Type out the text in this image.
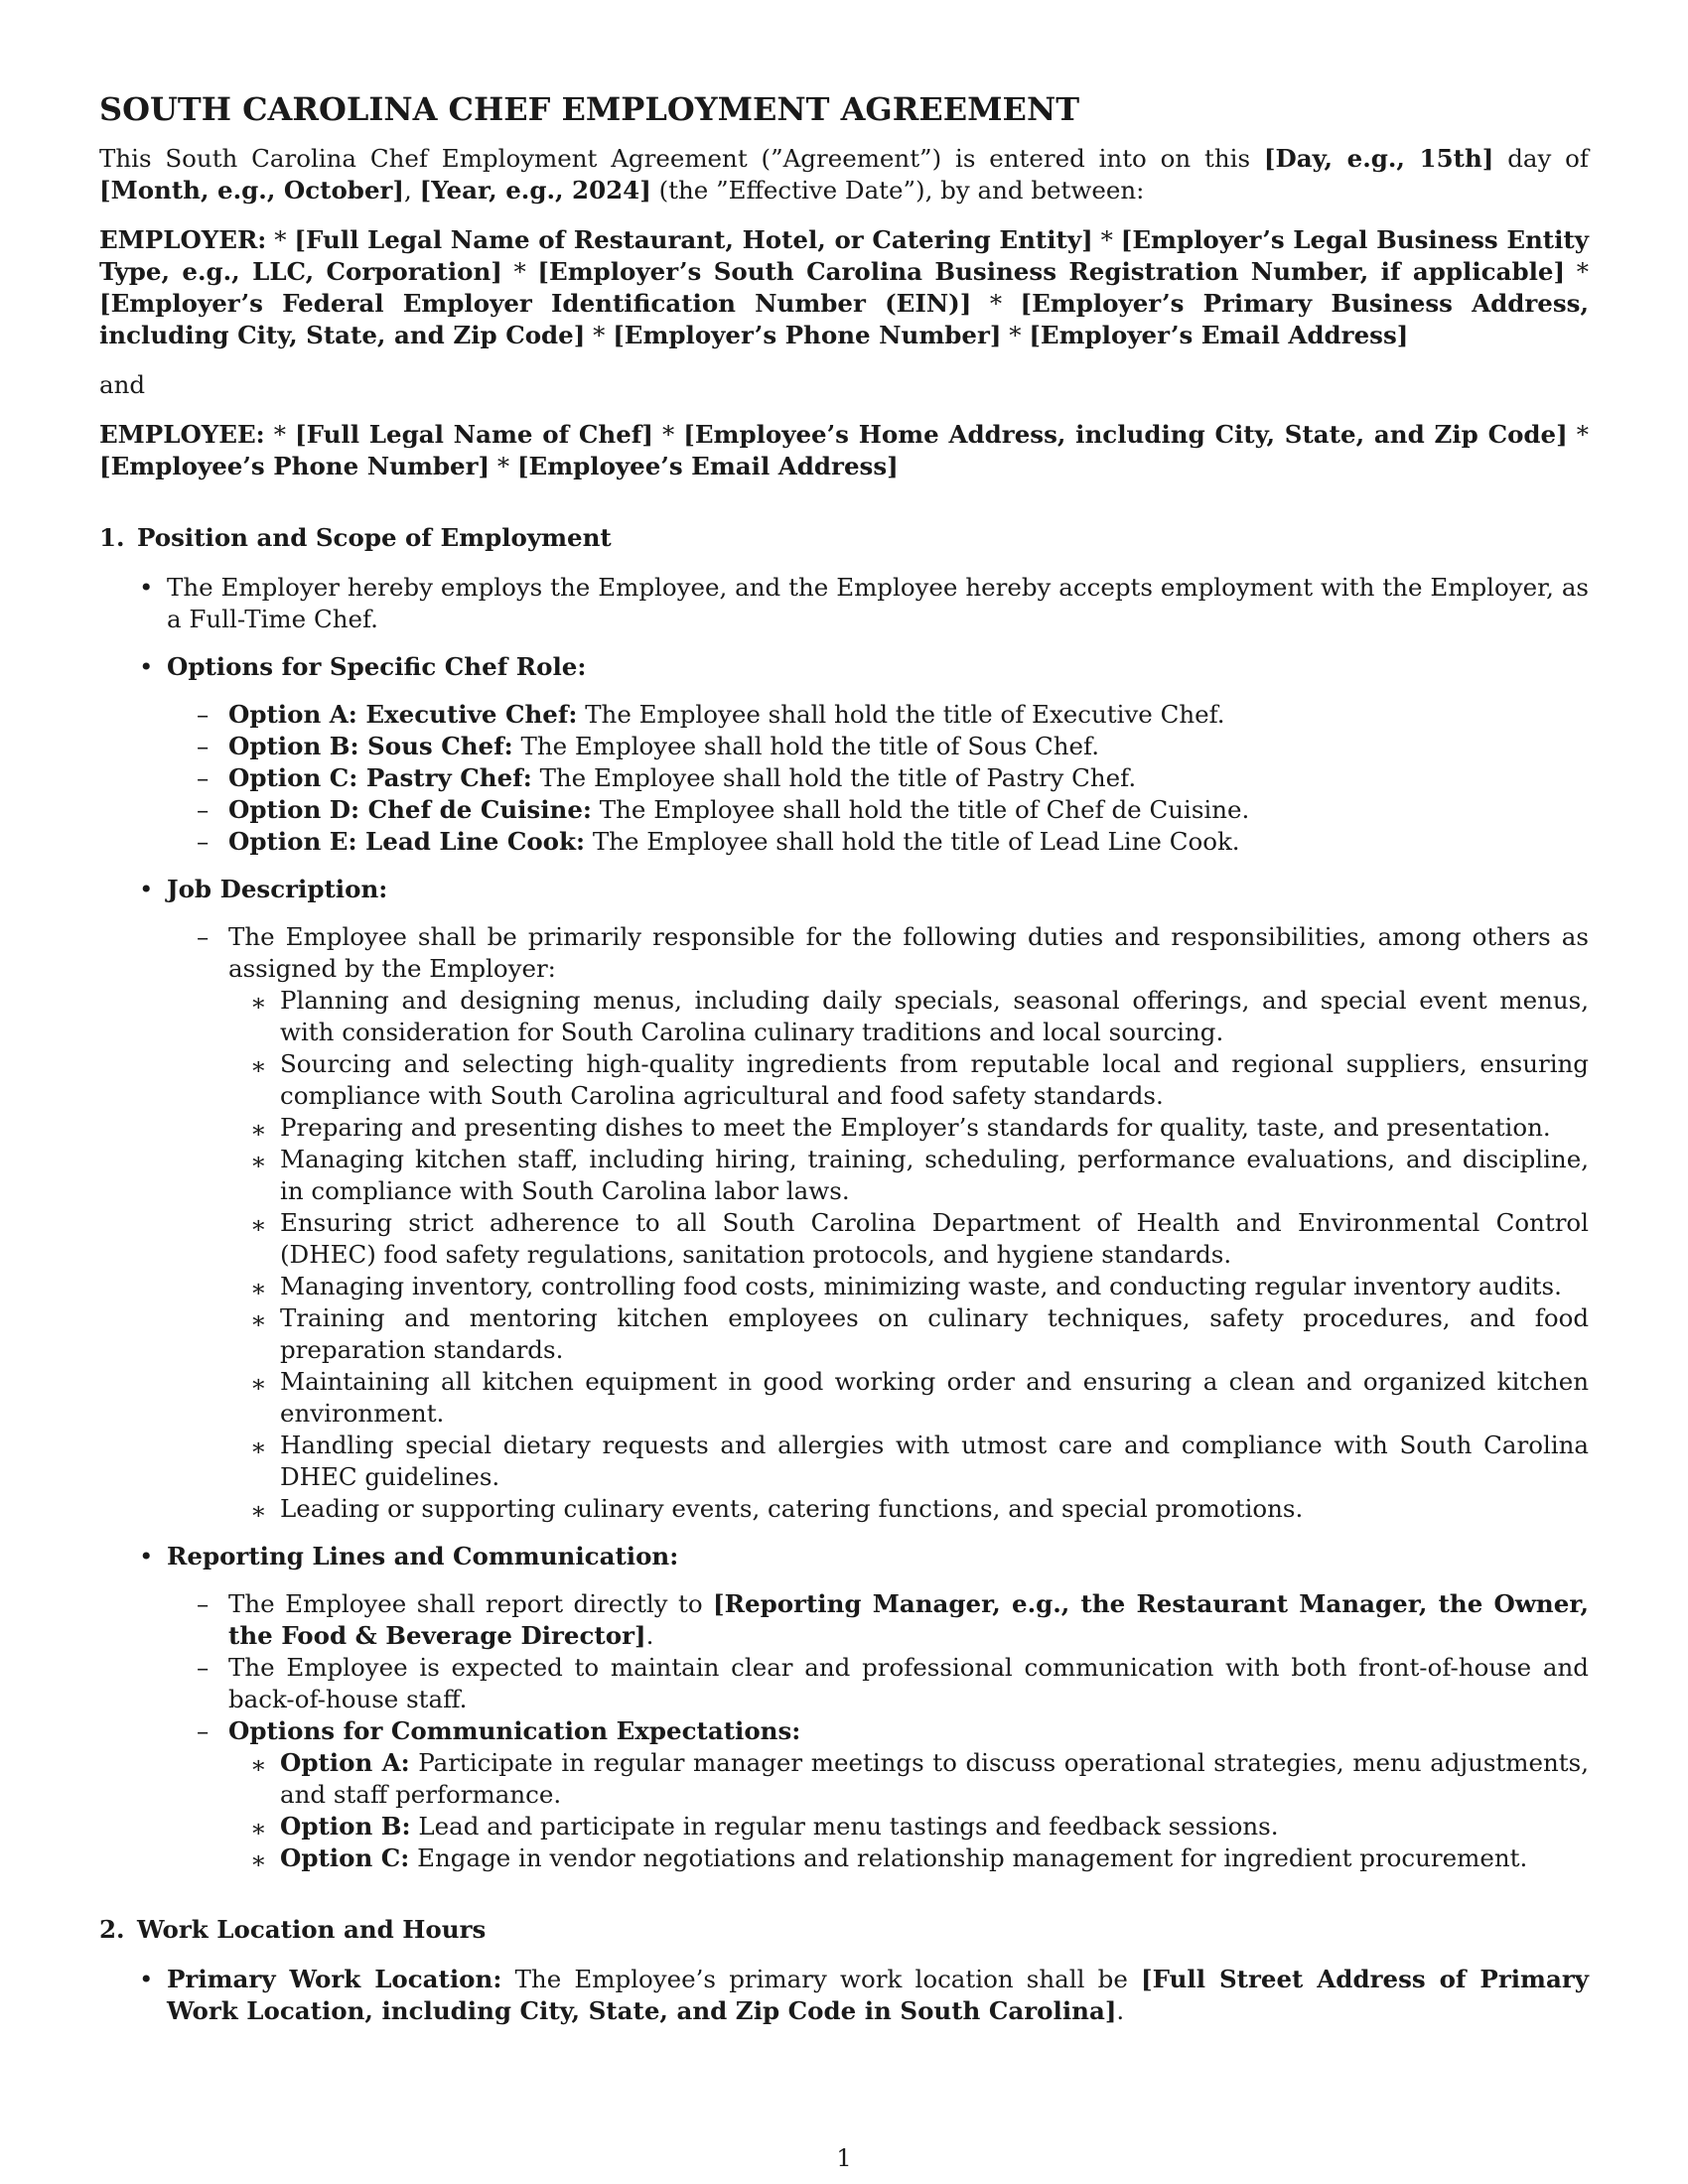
SOUTH CAROLINA CHEF EMPLOYMENT AGREEMENT
This South Carolina Chef Employment Agreement (”Agreement”) is entered into on this [Day, e.g., 15th] day of [Month, e.g., October], [Year, e.g., 2024] (the ”Effective Date”), by and between:
EMPLOYER: * [Full Legal Name of Restaurant, Hotel, or Catering Entity] * [Employer’s Legal Business Entity Type, e.g., LLC, Corporation] * [Employer’s South Carolina Business Registration Number, if applicable] * [Employer’s Federal Employer Identification Number (EIN)] * [Employer’s Primary Business Address, including City, State, and Zip Code] * [Employer’s Phone Number] * [Employer’s Email Address]
and
EMPLOYEE: * [Full Legal Name of Chef] * [Employee’s Home Address, including City, State, and Zip Code] * [Employee’s Phone Number] * [Employee’s Email Address]
1. Position and Scope of Employment
• The Employer hereby employs the Employee, and the Employee hereby accepts employment with the Employer, as a Full-Time Chef.
• Options for Specific Chef Role:
– Option A: Executive Chef: The Employee shall hold the title of Executive Chef.
– Option B: Sous Chef: The Employee shall hold the title of Sous Chef.
– Option C: Pastry Chef: The Employee shall hold the title of Pastry Chef.
– Option D: Chef de Cuisine: The Employee shall hold the title of Chef de Cuisine.
– Option E: Lead Line Cook: The Employee shall hold the title of Lead Line Cook.
• Job Description:
– The Employee shall be primarily responsible for the following duties and responsibilities, among others as assigned by the Employer:
∗ Planning and designing menus, including daily specials, seasonal offerings, and special event menus, with consideration for South Carolina culinary traditions and local sourcing.
∗ Sourcing and selecting high-quality ingredients from reputable local and regional suppliers, ensuring compliance with South Carolina agricultural and food safety standards.
∗ Preparing and presenting dishes to meet the Employer’s standards for quality, taste, and presentation.
∗ Managing kitchen staff, including hiring, training, scheduling, performance evaluations, and discipline, in compliance with South Carolina labor laws.
∗ Ensuring strict adherence to all South Carolina Department of Health and Environmental Control (DHEC) food safety regulations, sanitation protocols, and hygiene standards.
∗ Managing inventory, controlling food costs, minimizing waste, and conducting regular inventory audits.
∗ Training and mentoring kitchen employees on culinary techniques, safety procedures, and food preparation standards.
∗ Maintaining all kitchen equipment in good working order and ensuring a clean and organized kitchen environment.
∗ Handling special dietary requests and allergies with utmost care and compliance with South Carolina DHEC guidelines.
∗ Leading or supporting culinary events, catering functions, and special promotions.
• Reporting Lines and Communication:
– The Employee shall report directly to [Reporting Manager, e.g., the Restaurant Manager, the Owner, the Food & Beverage Director].
– The Employee is expected to maintain clear and professional communication with both front-of-house and back-of-house staff.
– Options for Communication Expectations:
∗ Option A: Participate in regular manager meetings to discuss operational strategies, menu adjustments, and staff performance.
∗ Option B: Lead and participate in regular menu tastings and feedback sessions.
∗ Option C: Engage in vendor negotiations and relationship management for ingredient procurement.
2. Work Location and Hours
• Primary Work Location: The Employee’s primary work location shall be [Full Street Address of Primary Work Location, including City, State, and Zip Code in South Carolina].
1
